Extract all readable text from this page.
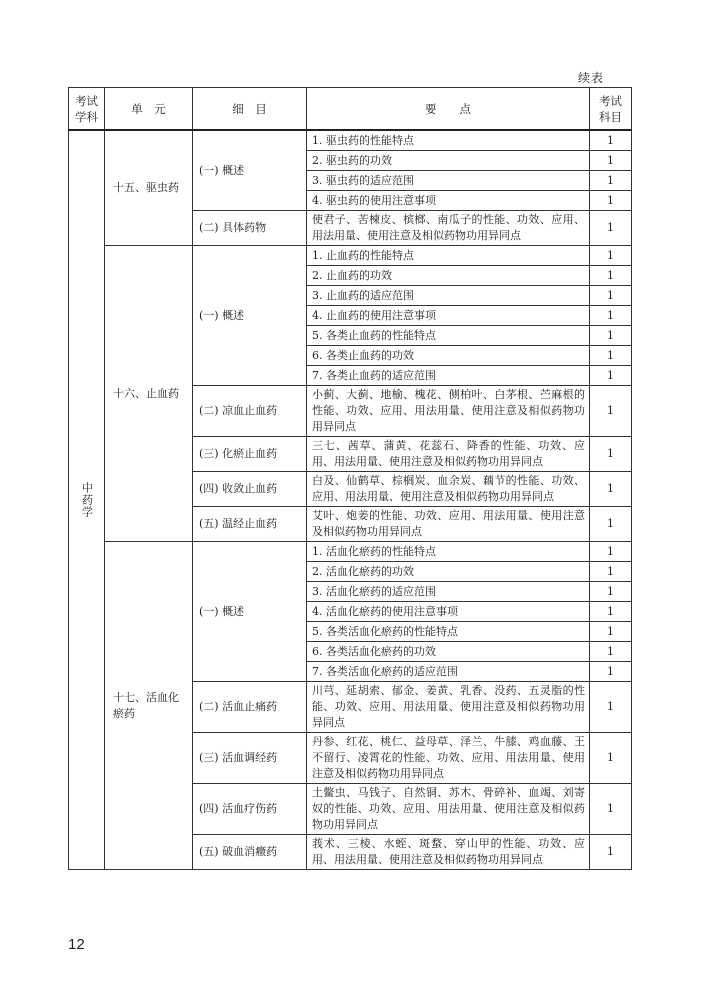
续表
考试学科	单　元	细　目	要　　点	考试科目
中药学	十五、驱虫药	(一) 概述	1. 驱虫药的性能特点	1
			2. 驱虫药的功效	1
			3. 驱虫药的适应范围	1
			4. 驱虫药的使用注意事项	1
		(二) 具体药物	使君子、苦楝皮、槟榔、南瓜子的性能、功效、应用、用法用量、使用注意及相似药物功用异同点	1
	十六、止血药	(一) 概述	1. 止血药的性能特点	1
			2. 止血药的功效	1
			3. 止血药的适应范围	1
			4. 止血药的使用注意事项	1
			5. 各类止血药的性能特点	1
			6. 各类止血药的功效	1
			7. 各类止血药的适应范围	1
		(二) 凉血止血药	小蓟、大蓟、地榆、槐花、侧柏叶、白茅根、苎麻根的性能、功效、应用、用法用量、使用注意及相似药物功用异同点	1
		(三) 化瘀止血药	三七、茜草、蒲黄、花蕊石、降香的性能、功效、应用、用法用量、使用注意及相似药物功用异同点	1
		(四) 收敛止血药	白及、仙鹤草、棕榈炭、血余炭、藕节的性能、功效、应用、用法用量、使用注意及相似药物功用异同点	1
		(五) 温经止血药	艾叶、炮姜的性能、功效、应用、用法用量、使用注意及相似药物功用异同点	1
	十七、活血化瘀药	(一) 概述	1. 活血化瘀药的性能特点	1
			2. 活血化瘀药的功效	1
			3. 活血化瘀药的适应范围	1
			4. 活血化瘀药的使用注意事项	1
			5. 各类活血化瘀药的性能特点	1
			6. 各类活血化瘀药的功效	1
			7. 各类活血化瘀药的适应范围	1
		(二) 活血止痛药	川芎、延胡索、郁金、姜黄、乳香、没药、五灵脂的性能、功效、应用、用法用量、使用注意及相似药物功用异同点	1
		(三) 活血调经药	丹参、红花、桃仁、益母草、泽兰、牛膝、鸡血藤、王不留行、凌霄花的性能、功效、应用、用法用量、使用注意及相似药物功用异同点	1
		(四) 活血疗伤药	土鳖虫、马钱子、自然铜、苏木、骨碎补、血竭、刘寄奴的性能、功效、应用、用法用量、使用注意及相似药物功用异同点	1
		(五) 破血消癥药	莪术、三棱、水蛭、斑蝥、穿山甲的性能、功效、应用、用法用量、使用注意及相似药物功用异同点	1
12
